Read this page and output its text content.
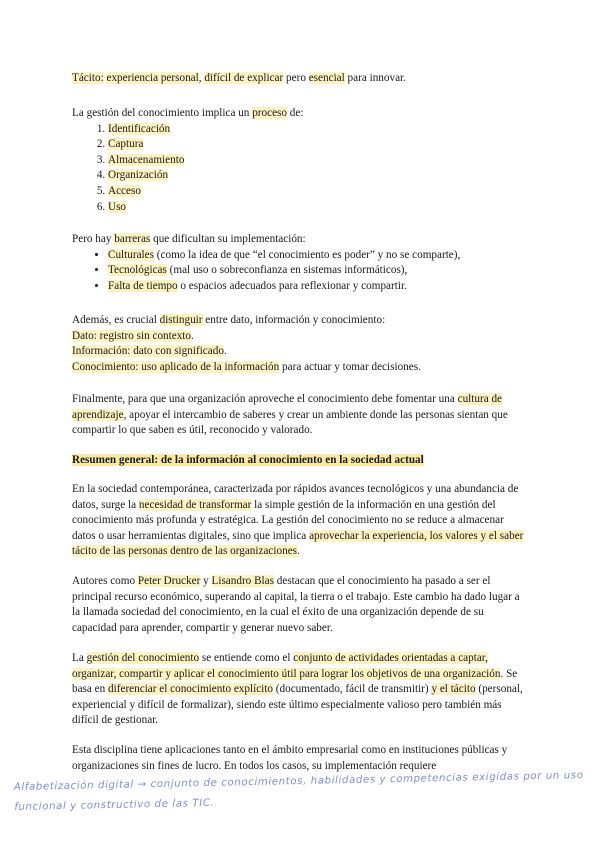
Tácito: experiencia personal, difícil de explicar pero esencial para innovar.

La gestión del conocimiento implica un proceso de:

1. Identificación
2. Captura
3. Almacenamiento
4. Organización
5. Acceso
6. Uso

Pero hay barreras que dificultan su implementación:

• Culturales (como la idea de que “el conocimiento es poder” y no se comparte),
• Tecnológicas (mal uso o sobreconfianza en sistemas informáticos),
• Falta de tiempo o espacios adecuados para reflexionar y compartir.

Además, es crucial distinguir entre dato, información y conocimiento:

Dato: registro sin contexto.

Información: dato con significado.

Conocimiento: uso aplicado de la información para actuar y tomar decisiones.

Finalmente, para que una organización aproveche el conocimiento debe fomentar una cultura de aprendizaje, apoyar el intercambio de saberes y crear un ambiente donde las personas sientan que compartir lo que saben es útil, reconocido y valorado.

Resumen general: de la información al conocimiento en la sociedad actual

En la sociedad contemporánea, caracterizada por rápidos avances tecnológicos y una abundancia de datos, surge la necesidad de transformar la simple gestión de la información en una gestión del conocimiento más profunda y estratégica. La gestión del conocimiento no se reduce a almacenar datos o usar herramientas digitales, sino que implica aprovechar la experiencia, los valores y el saber tácito de las personas dentro de las organizaciones.

Autores como Peter Drucker y Lisandro Blas destacan que el conocimiento ha pasado a ser el principal recurso económico, superando al capital, la tierra o el trabajo. Este cambio ha dado lugar a la llamada sociedad del conocimiento, en la cual el éxito de una organización depende de su capacidad para aprender, compartir y generar nuevo saber.

La gestión del conocimiento se entiende como el conjunto de actividades orientadas a captar, organizar, compartir y aplicar el conocimiento útil para lograr los objetivos de una organización. Se basa en diferenciar el conocimiento explícito (documentado, fácil de transmitir) y el tácito (personal, experiencial y difícil de formalizar), siendo este último especialmente valioso pero también más difícil de gestionar.

Esta disciplina tiene aplicaciones tanto en el ámbito empresarial como en instituciones públicas y organizaciones sin fines de lucro. En todos los casos, su implementación requiere

Alfabetización digital → conjunto de conocimientos, habilidades y competencias exigidas por un uso funcional y constructivo de las TIC.
